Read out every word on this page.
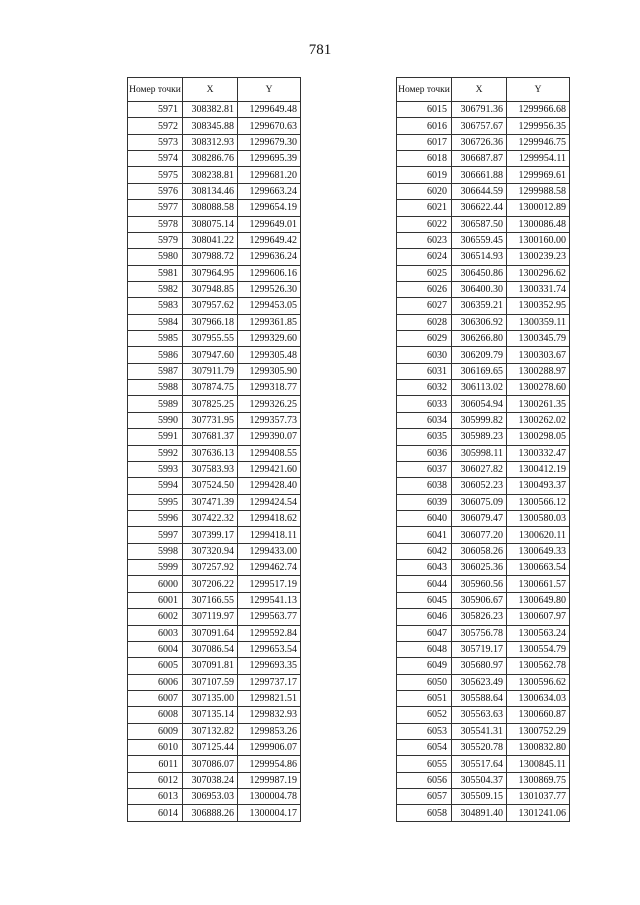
781
Номер точки	X	Y
5971	308382.81	1299649.48
5972	308345.88	1299670.63
5973	308312.93	1299679.30
5974	308286.76	1299695.39
5975	308238.81	1299681.20
5976	308134.46	1299663.24
5977	308088.58	1299654.19
5978	308075.14	1299649.01
5979	308041.22	1299649.42
5980	307988.72	1299636.24
5981	307964.95	1299606.16
5982	307948.85	1299526.30
5983	307957.62	1299453.05
5984	307966.18	1299361.85
5985	307955.55	1299329.60
5986	307947.60	1299305.48
5987	307911.79	1299305.90
5988	307874.75	1299318.77
5989	307825.25	1299326.25
5990	307731.95	1299357.73
5991	307681.37	1299390.07
5992	307636.13	1299408.55
5993	307583.93	1299421.60
5994	307524.50	1299428.40
5995	307471.39	1299424.54
5996	307422.32	1299418.62
5997	307399.17	1299418.11
5998	307320.94	1299433.00
5999	307257.92	1299462.74
6000	307206.22	1299517.19
6001	307166.55	1299541.13
6002	307119.97	1299563.77
6003	307091.64	1299592.84
6004	307086.54	1299653.54
6005	307091.81	1299693.35
6006	307107.59	1299737.17
6007	307135.00	1299821.51
6008	307135.14	1299832.93
6009	307132.82	1299853.26
6010	307125.44	1299906.07
6011	307086.07	1299954.86
6012	307038.24	1299987.19
6013	306953.03	1300004.78
6014	306888.26	1300004.17
Номер точки	X	Y
6015	306791.36	1299966.68
6016	306757.67	1299956.35
6017	306726.36	1299946.75
6018	306687.87	1299954.11
6019	306661.88	1299969.61
6020	306644.59	1299988.58
6021	306622.44	1300012.89
6022	306587.50	1300086.48
6023	306559.45	1300160.00
6024	306514.93	1300239.23
6025	306450.86	1300296.62
6026	306400.30	1300331.74
6027	306359.21	1300352.95
6028	306306.92	1300359.11
6029	306266.80	1300345.79
6030	306209.79	1300303.67
6031	306169.65	1300288.97
6032	306113.02	1300278.60
6033	306054.94	1300261.35
6034	305999.82	1300262.02
6035	305989.23	1300298.05
6036	305998.11	1300332.47
6037	306027.82	1300412.19
6038	306052.23	1300493.37
6039	306075.09	1300566.12
6040	306079.47	1300580.03
6041	306077.20	1300620.11
6042	306058.26	1300649.33
6043	306025.36	1300663.54
6044	305960.56	1300661.57
6045	305906.67	1300649.80
6046	305826.23	1300607.97
6047	305756.78	1300563.24
6048	305719.17	1300554.79
6049	305680.97	1300562.78
6050	305623.49	1300596.62
6051	305588.64	1300634.03
6052	305563.63	1300660.87
6053	305541.31	1300752.29
6054	305520.78	1300832.80
6055	305517.64	1300845.11
6056	305504.37	1300869.75
6057	305509.15	1301037.77
6058	304891.40	1301241.06
